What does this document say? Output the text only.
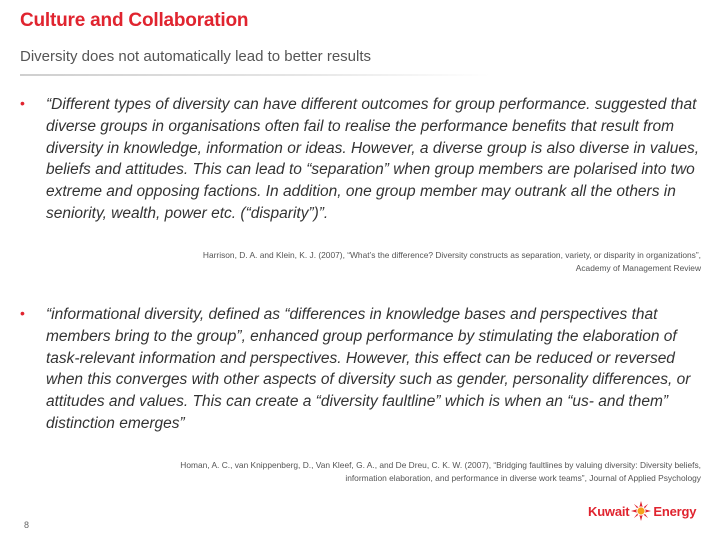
Culture and Collaboration
Diversity does not automatically lead to better results
• “Different types of diversity can have different outcomes for group performance. suggested that diverse groups in organisations often fail to realise the performance benefits that result from diversity in knowledge, information or ideas. However, a diverse group is also diverse in values, beliefs and attitudes. This can lead to “separation” when group members are polarised into two extreme and opposing factions. In addition, one group member may outrank all the others in seniority, wealth, power etc. (“disparity”)”.
Harrison, D. A. and Klein, K. J. (2007), “What’s the difference? Diversity constructs as separation, variety, or disparity in organizations”,
Academy of Management Review
• “informational diversity, defined as “differences in knowledge bases and perspectives that members bring to the group”, enhanced group performance by stimulating the elaboration of task-relevant information and perspectives. However, this effect can be reduced or reversed when this converges with other aspects of diversity such as gender, personality differences, or attitudes and values. This can create a “diversity faultline” which is when an “us- and them” distinction emerges”
Homan, A. C., van Knippenberg, D., Van Kleef, G. A., and De Dreu, C. K. W. (2007), “Bridging faultlines by valuing diversity: Diversity beliefs,
information elaboration, and performance in diverse work teams”, Journal of Applied Psychology
8
Kuwait Energy
